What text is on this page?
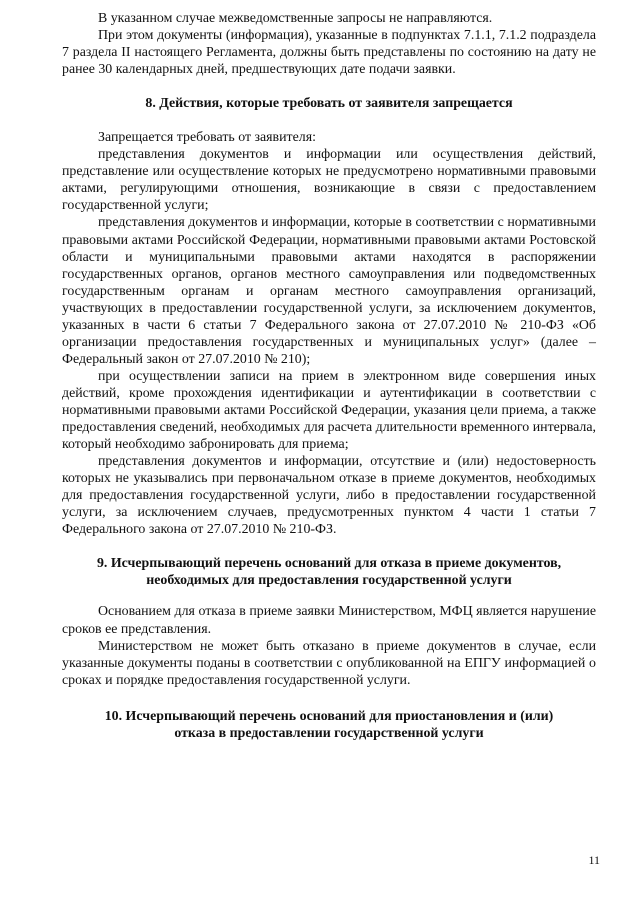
В указанном случае межведомственные запросы не направляются.

При этом документы (информация), указанные в подпунктах 7.1.1, 7.1.2 подраздела 7 раздела II настоящего Регламента, должны быть представлены по состоянию на дату не ранее 30 календарных дней, предшествующих дате подачи заявки.

8. Действия, которые требовать от заявителя запрещается

Запрещается требовать от заявителя:

представления документов и информации или осуществления действий, представление или осуществление которых не предусмотрено нормативными правовыми актами, регулирующими отношения, возникающие в связи с предоставлением государственной услуги;

представления документов и информации, которые в соответствии с нормативными правовыми актами Российской Федерации, нормативными правовыми актами Ростовской области и муниципальными правовыми актами находятся в распоряжении государственных органов, органов местного самоуправления или подведомственных государственным органам и органам местного самоуправления организаций, участвующих в предоставлении государственной услуги, за исключением документов, указанных в части 6 статьи 7 Федерального закона от 27.07.2010 № 210-ФЗ «Об организации предоставления государственных и муниципальных услуг» (далее – Федеральный закон от 27.07.2010 № 210);

при осуществлении записи на прием в электронном виде совершения иных действий, кроме прохождения идентификации и аутентификации в соответствии с нормативными правовыми актами Российской Федерации, указания цели приема, а также предоставления сведений, необходимых для расчета длительности временного интервала, который необходимо забронировать для приема;

представления документов и информации, отсутствие и (или) недостоверность которых не указывались при первоначальном отказе в приеме документов, необходимых для предоставления государственной услуги, либо в предоставлении государственной услуги, за исключением случаев, предусмотренных пунктом 4 части 1 статьи 7 Федерального закона от 27.07.2010 № 210-ФЗ.

9. Исчерпывающий перечень оснований для отказа в приеме документов,
необходимых для предоставления государственной услуги

Основанием для отказа в приеме заявки Министерством, МФЦ является нарушение сроков ее представления.

Министерством не может быть отказано в приеме документов в случае, если указанные документы поданы в соответствии с опубликованной на ЕПГУ информацией о сроках и порядке предоставления государственной услуги.

10. Исчерпывающий перечень оснований для приостановления и (или)
отказа в предоставлении государственной услуги
11
